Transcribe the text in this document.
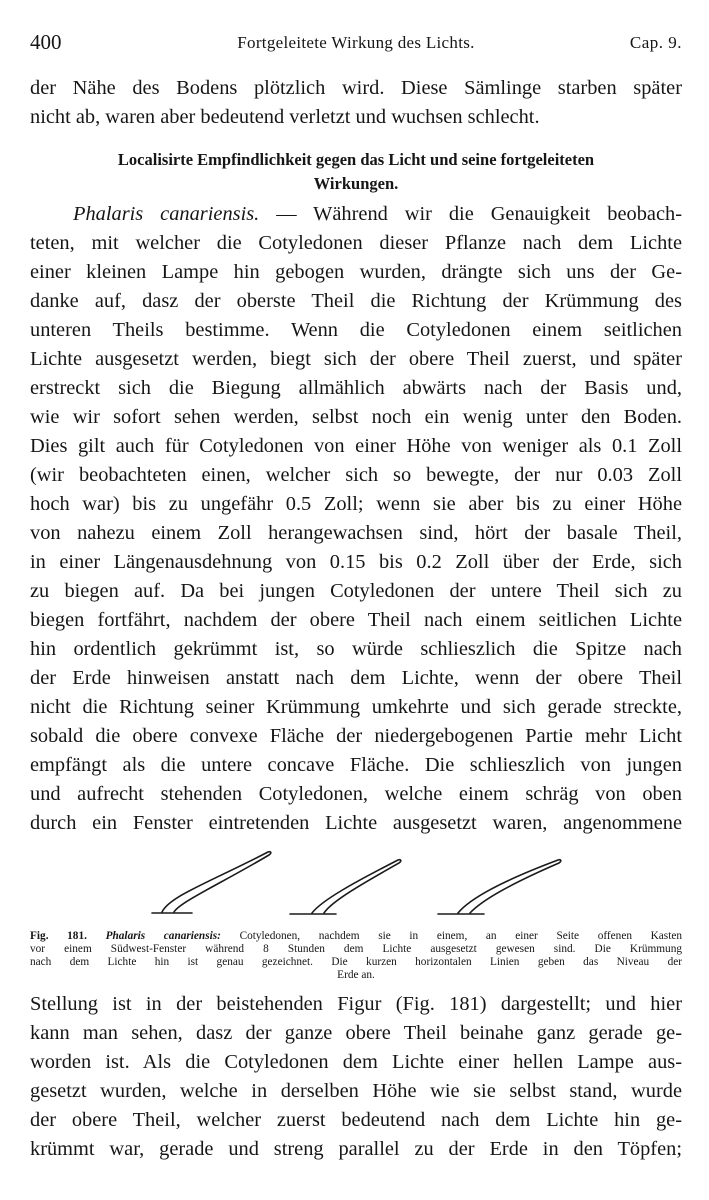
400	Fortgeleitete Wirkung des Lichts.	Cap. 9.
der Nähe des Bodens plötzlich wird. Diese Sämlinge starben später
nicht ab, waren aber bedeutend verletzt und wuchsen schlecht.
Localisirte Empfindlichkeit gegen das Licht und seine fortgeleiteten
Wirkungen.
Phalaris canariensis. — Während wir die Genauigkeit beobach-
teten, mit welcher die Cotyledonen dieser Pflanze nach dem Lichte
einer kleinen Lampe hin gebogen wurden, drängte sich uns der Ge-
danke auf, dasz der oberste Theil die Richtung der Krümmung des
unteren Theils bestimme. Wenn die Cotyledonen einem seitlichen
Lichte ausgesetzt werden, biegt sich der obere Theil zuerst, und später
erstreckt sich die Biegung allmählich abwärts nach der Basis und,
wie wir sofort sehen werden, selbst noch ein wenig unter den Boden.
Dies gilt auch für Cotyledonen von einer Höhe von weniger als 0.1 Zoll
(wir beobachteten einen, welcher sich so bewegte, der nur 0.03 Zoll
hoch war) bis zu ungefähr 0.5 Zoll; wenn sie aber bis zu einer Höhe
von nahezu einem Zoll herangewachsen sind, hört der basale Theil,
in einer Längenausdehnung von 0.15 bis 0.2 Zoll über der Erde, sich
zu biegen auf. Da bei jungen Cotyledonen der untere Theil sich zu
biegen fortfährt, nachdem der obere Theil nach einem seitlichen Lichte
hin ordentlich gekrümmt ist, so würde schlieszlich die Spitze nach
der Erde hinweisen anstatt nach dem Lichte, wenn der obere Theil
nicht die Richtung seiner Krümmung umkehrte und sich gerade streckte,
sobald die obere convexe Fläche der niedergebogenen Partie mehr Licht
empfängt als die untere concave Fläche. Die schlieszlich von jungen
und aufrecht stehenden Cotyledonen, welche einem schräg von oben
durch ein Fenster eintretenden Lichte ausgesetzt waren, angenommene
Fig. 181. Phalaris canariensis: Cotyledonen, nachdem sie in einem, an einer Seite offenen Kasten
vor einem Südwest-Fenster während 8 Stunden dem Lichte ausgesetzt gewesen sind. Die Krümmung
nach dem Lichte hin ist genau gezeichnet. Die kurzen horizontalen Linien geben das Niveau der
Erde an.
Stellung ist in der beistehenden Figur (Fig. 181) dargestellt; und hier
kann man sehen, dasz der ganze obere Theil beinahe ganz gerade ge-
worden ist. Als die Cotyledonen dem Lichte einer hellen Lampe aus-
gesetzt wurden, welche in derselben Höhe wie sie selbst stand, wurde
der obere Theil, welcher zuerst bedeutend nach dem Lichte hin ge-
krümmt war, gerade und streng parallel zu der Erde in den Töpfen;
